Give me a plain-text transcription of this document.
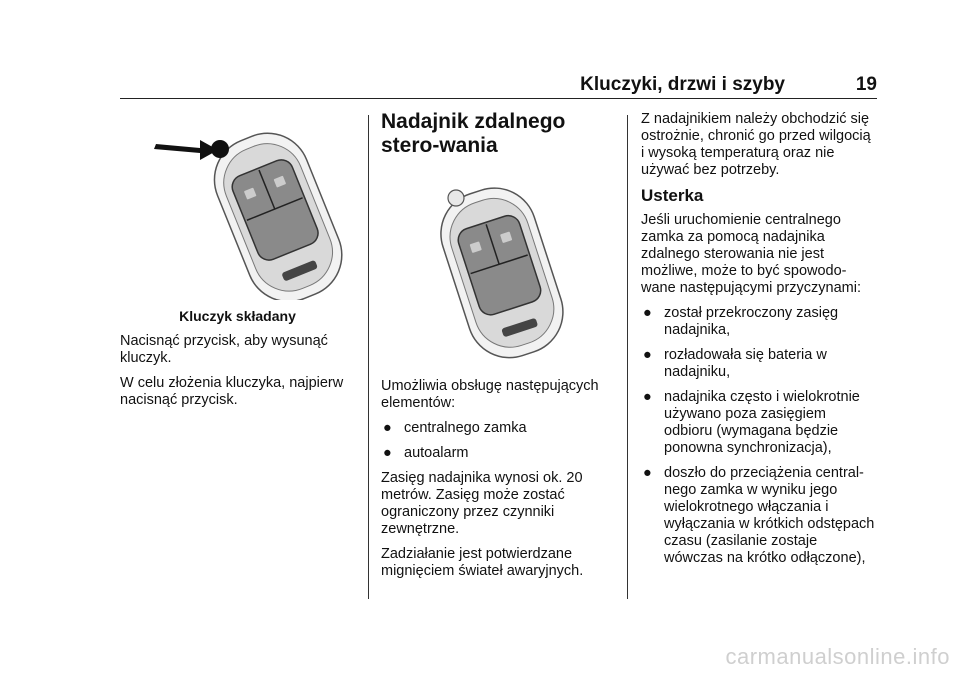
Kluczyki, drzwi i szyby	19

Kluczyk składany

Nacisnąć przycisk, aby wysunąć kluczyk.

W celu złożenia kluczyka, najpierw nacisnąć przycisk.

Nadajnik zdalnego stero-wania

Umożliwia obsługę następujących elementów:

● centralnego zamka
● autoalarm

Zasięg nadajnika wynosi ok. 20 metrów. Zasięg może zostać ograniczony przez czynniki zewnętrzne.

Zadziałanie jest potwierdzane mignięciem świateł awaryjnych.

Z nadajnikiem należy obchodzić się ostrożnie, chronić go przed wilgocią i wysoką temperaturą oraz nie używać bez potrzeby.

Usterka

Jeśli uruchomienie centralnego zamka za pomocą nadajnika zdalnego sterowania nie jest możliwe, może to być spowodo-wane następującymi przyczynami:

● został przekroczony zasięg nadajnika,
● rozładowała się bateria w nadajniku,
● nadajnika często i wielokrotnie używano poza zasięgiem odbioru (wymagana będzie ponowna synchronizacja),
● doszło do przeciążenia central-nego zamka w wyniku jego wielokrotnego włączania i wyłączania w krótkich odstępach czasu (zasilanie zostaje wówczas na krótko odłączone),
carmanualsonline.info
